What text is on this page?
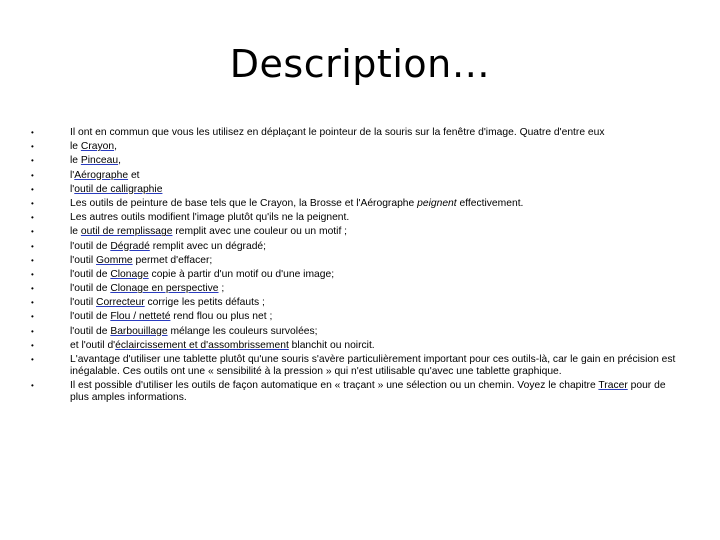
Description…
•	Il ont en commun que vous les utilisez en déplaçant le pointeur de la souris sur la fenêtre d'image. Quatre d'entre eux
•	le Crayon,
•	le Pinceau,
•	l'Aérographe et
•	l'outil de calligraphie
•	Les outils de peinture de base tels que le Crayon, la Brosse et l'Aérographe peignent effectivement.
•	Les autres outils modifient l'image plutôt qu'ils ne la peignent.
•	le outil de remplissage remplit avec une couleur ou un motif ;
•	l'outil de Dégradé remplit avec un dégradé;
•	l'outil Gomme permet d'effacer;
•	l'outil de Clonage copie à partir d'un motif ou d'une image;
•	l'outil de Clonage en perspective ;
•	l'outil Correcteur corrige les petits défauts ;
•	l'outil de Flou / netteté rend flou ou plus net ;
•	l'outil de Barbouillage mélange les couleurs survolées;
•	et l'outil d'éclaircissement et d'assombrissement blanchit ou noircit.
•	L'avantage d'utiliser une tablette plutôt qu'une souris s'avère particulièrement important pour ces outils-là, car le gain en précision est inégalable. Ces outils ont une « sensibilité à la pression » qui n'est utilisable qu'avec une tablette graphique.
•	Il est possible d'utiliser les outils de façon automatique en « traçant » une sélection ou un chemin. Voyez le chapitre Tracer pour de plus amples informations.
